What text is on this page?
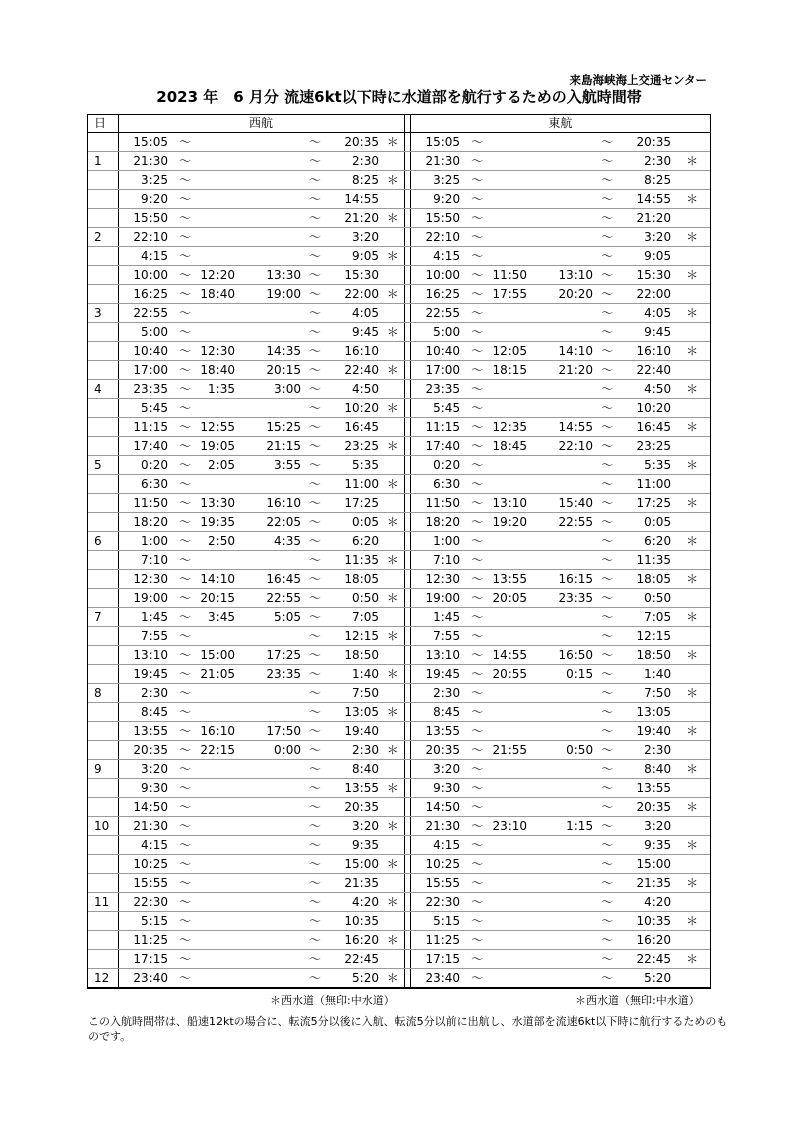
来島海峡海上交通センター
2023 年　6 月分 流速6kt以下時に水道部を航行するための入航時間帯
日	西航								東航						
	15:05	～			～	20:35	＊		15:05	～			～	20:35	
1	21:30	～			～	2:30			21:30	～			～	2:30	＊
	3:25	～			～	8:25	＊		3:25	～			～	8:25	
	9:20	～			～	14:55			9:20	～			～	14:55	＊
	15:50	～			～	21:20	＊		15:50	～			～	21:20	
2	22:10	～			～	3:20			22:10	～			～	3:20	＊
	4:15	～			～	9:05	＊		4:15	～			～	9:05	
	10:00	～	12:20	13:30	～	15:30			10:00	～	11:50	13:10	～	15:30	＊
	16:25	～	18:40	19:00	～	22:00	＊		16:25	～	17:55	20:20	～	22:00	
3	22:55	～			～	4:05			22:55	～			～	4:05	＊
	5:00	～			～	9:45	＊		5:00	～			～	9:45	
	10:40	～	12:30	14:35	～	16:10			10:40	～	12:05	14:10	～	16:10	＊
	17:00	～	18:40	20:15	～	22:40	＊		17:00	～	18:15	21:20	～	22:40	
4	23:35	～	1:35	3:00	～	4:50			23:35	～			～	4:50	＊
	5:45	～			～	10:20	＊		5:45	～			～	10:20	
	11:15	～	12:55	15:25	～	16:45			11:15	～	12:35	14:55	～	16:45	＊
	17:40	～	19:05	21:15	～	23:25	＊		17:40	～	18:45	22:10	～	23:25	
5	0:20	～	2:05	3:55	～	5:35			0:20	～			～	5:35	＊
	6:30	～			～	11:00	＊		6:30	～			～	11:00	
	11:50	～	13:30	16:10	～	17:25			11:50	～	13:10	15:40	～	17:25	＊
	18:20	～	19:35	22:05	～	0:05	＊		18:20	～	19:20	22:55	～	0:05	
6	1:00	～	2:50	4:35	～	6:20			1:00	～			～	6:20	＊
	7:10	～			～	11:35	＊		7:10	～			～	11:35	
	12:30	～	14:10	16:45	～	18:05			12:30	～	13:55	16:15	～	18:05	＊
	19:00	～	20:15	22:55	～	0:50	＊		19:00	～	20:05	23:35	～	0:50	
7	1:45	～	3:45	5:05	～	7:05			1:45	～			～	7:05	＊
	7:55	～			～	12:15	＊		7:55	～			～	12:15	
	13:10	～	15:00	17:25	～	18:50			13:10	～	14:55	16:50	～	18:50	＊
	19:45	～	21:05	23:35	～	1:40	＊		19:45	～	20:55	0:15	～	1:40	
8	2:30	～			～	7:50			2:30	～			～	7:50	＊
	8:45	～			～	13:05	＊		8:45	～			～	13:05	
	13:55	～	16:10	17:50	～	19:40			13:55	～			～	19:40	＊
	20:35	～	22:15	0:00	～	2:30	＊		20:35	～	21:55	0:50	～	2:30	
9	3:20	～			～	8:40			3:20	～			～	8:40	＊
	9:30	～			～	13:55	＊		9:30	～			～	13:55	
	14:50	～			～	20:35			14:50	～			～	20:35	＊
10	21:30	～			～	3:20	＊		21:30	～	23:10	1:15	～	3:20	
	4:15	～			～	9:35			4:15	～			～	9:35	＊
	10:25	～			～	15:00	＊		10:25	～			～	15:00	
	15:55	～			～	21:35			15:55	～			～	21:35	＊
11	22:30	～			～	4:20	＊		22:30	～			～	4:20	
	5:15	～			～	10:35			5:15	～			～	10:35	＊
	11:25	～			～	16:20	＊		11:25	～			～	16:20	
	17:15	～			～	22:45			17:15	～			～	22:45	＊
12	23:40	～			～	5:20	＊		23:40	～			～	5:20	
＊西水道（無印:中水道）	＊西水道（無印:中水道）
この入航時間帯は、船速12ktの場合に、転流5分以後に入航、転流5分以前に出航し、水道部を流速6kt以下時に航行するためのものです。
